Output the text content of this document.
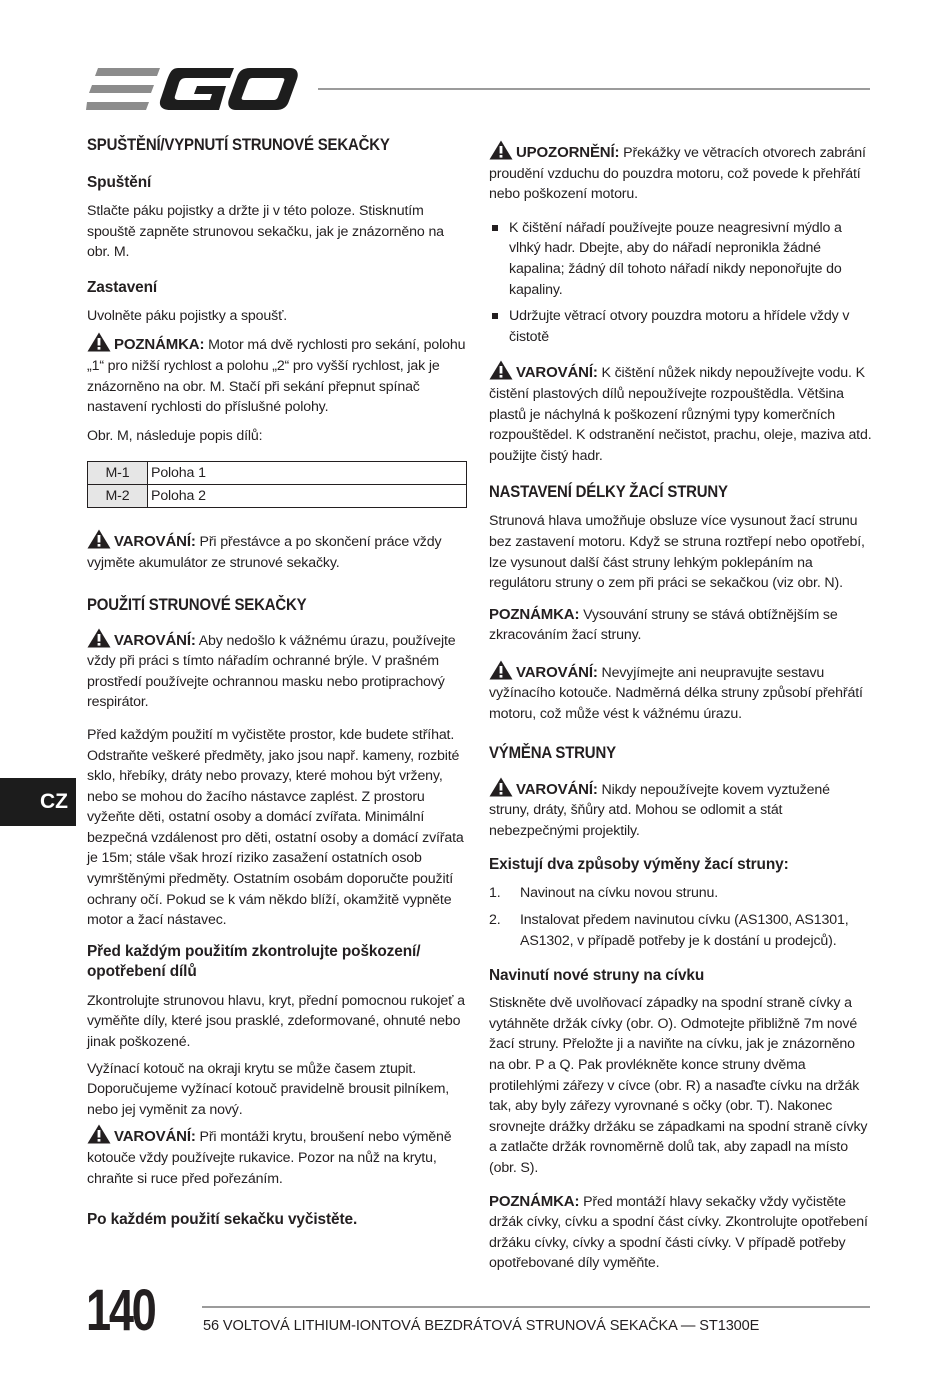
SPUŠTĚNÍ/VYPNUTÍ STRUNOVÉ SEKAČKY
Spuštění

Stlačte páku pojistky a držte ji v této poloze. Stisknutím spouště zapněte strunovou sekačku, jak je znázorněno na obr. M.

Zastavení

Uvolněte páku pojistky a spoušť.

POZNÁMKA: Motor má dvě rychlosti pro sekání, polohu „1“ pro nižší rychlost a polohu „2“ pro vyšší rychlost, jak je znázorněno na obr. M. Stačí při sekání přepnut spínač nastavení rychlosti do příslušné polohy.

Obr. M, následuje popis dílů:

M-1	Poloha 1
M-2	Poloha 2

VAROVÁNÍ: Při přestávce a po skončení práce vždy vyjměte akumulátor ze strunové sekačky.

POUŽITÍ STRUNOVÉ SEKAČKY

VAROVÁNÍ: Aby nedošlo k vážnému úrazu, používejte vždy při práci s tímto nářadím ochranné brýle. V prašném prostředí používejte ochrannou masku nebo protiprachový respirátor.

Před každým použití m vyčistěte prostor, kde budete stříhat. Odstraňte veškeré předměty, jako jsou např. kameny, rozbité sklo, hřebíky, dráty nebo provazy, které mohou být vrženy, nebo se mohou do žacího nástavce zaplést. Z prostoru vyžeňte děti, ostatní osoby a domácí zvířata. Minimální bezpečná vzdálenost pro děti, ostatní osoby a domácí zvířata je 15m; stále však hrozí riziko zasažení ostatních osob vymrštěnými předměty. Ostatním osobám doporučte použití ochrany očí. Pokud se k vám někdo blíží, okamžitě vypněte motor a žací nástavec.

Před každým použitím zkontrolujte poškození/ opotřebení dílů

Zkontrolujte strunovou hlavu, kryt, přední pomocnou rukojeť a vyměňte díly, které jsou prasklé, zdeformované, ohnuté nebo jinak poškozené.

Vyžínací kotouč na okraji krytu se může časem ztupit. Doporučujeme vyžínací kotouč pravidelně brousit pilníkem, nebo jej vyměnit za nový.

VAROVÁNÍ: Při montáži krytu, broušení nebo výměně kotouče vždy používejte rukavice. Pozor na nůž na krytu, chraňte si ruce před pořezáním.

Po každém použití sekačku vyčistěte.

UPOZORNĚNÍ: Překážky ve větracích otvorech zabrání proudění vzduchu do pouzdra motoru, což povede k přehřátí nebo poškození motoru.

K čištění nářadí používejte pouze neagresivní mýdlo a vlhký hadr. Dbejte, aby do nářadí nepronikla žádné kapalina; žádný díl tohoto nářadí nikdy neponořujte do kapaliny.
Udržujte větrací otvory pouzdra motoru a hřídele vždy v čistotě

VAROVÁNÍ: K čištění nůžek nikdy nepoužívejte vodu. K čistění plastových dílů nepoužívejte rozpouštědla. Většina plastů je náchylná k poškození různými typy komerčních rozpouštědel. K odstranění nečistot, prachu, oleje, maziva atd. použijte čistý hadr.

NASTAVENÍ DÉLKY ŽACÍ STRUNY

Strunová hlava umožňuje obsluze více vysunout žací strunu bez zastavení motoru. Když se struna roztřepí nebo opotřebí, lze vysunout další část struny lehkým poklepáním na regulátoru struny o zem při práci se sekačkou (viz obr. N).

POZNÁMKA: Vysouvání struny se stává obtížnějším se zkracováním žací struny.

VAROVÁNÍ: Nevyjímejte ani neupravujte sestavu vyžínacího kotouče. Nadměrná délka struny způsobí přehřátí motoru, což může vést k vážnému úrazu.

VÝMĚNA STRUNY

VAROVÁNÍ: Nikdy nepoužívejte kovem vyztužené struny, dráty, šňůry atd. Mohou se odlomit a stát nebezpečnými projektily.

Existují dva způsoby výměny žací struny:
1. Navinout na cívku novou strunu.
2. Instalovat předem navinutou cívku (AS1300, AS1301, AS1302, v případě potřeby je k dostání u prodejců).
Navinutí nové struny na cívku

Stiskněte dvě uvolňovací západky na spodní straně cívky a vytáhněte držák cívky (obr. O). Odmotejte přibližně 7m nové žací struny. Přeložte ji a naviňte na cívku, jak je znázorněno na obr. P a Q. Pak provlékněte konce struny dvěma protilehlými zářezy v cívce (obr. R) a nasaďte cívku na držák tak, aby byly zářezy vyrovnané s očky (obr. T). Nakonec srovnejte drážky držáku se západkami na spodní straně cívky a zatlačte držák rovnoměrně dolů tak, aby zapadl na místo (obr. S).

POZNÁMKA: Před montáží hlavy sekačky vždy vyčistěte držák cívky, cívku a spodní část cívky. Zkontrolujte opotřebení držáku cívky, cívky a spodní části cívky. V případě potřeby opotřebované díly vyměňte.

CZ
140	56 VOLTOVÁ LITHIUM-IONTOVÁ BEZDRÁTOVÁ STRUNOVÁ SEKAČKA — ST1300E
